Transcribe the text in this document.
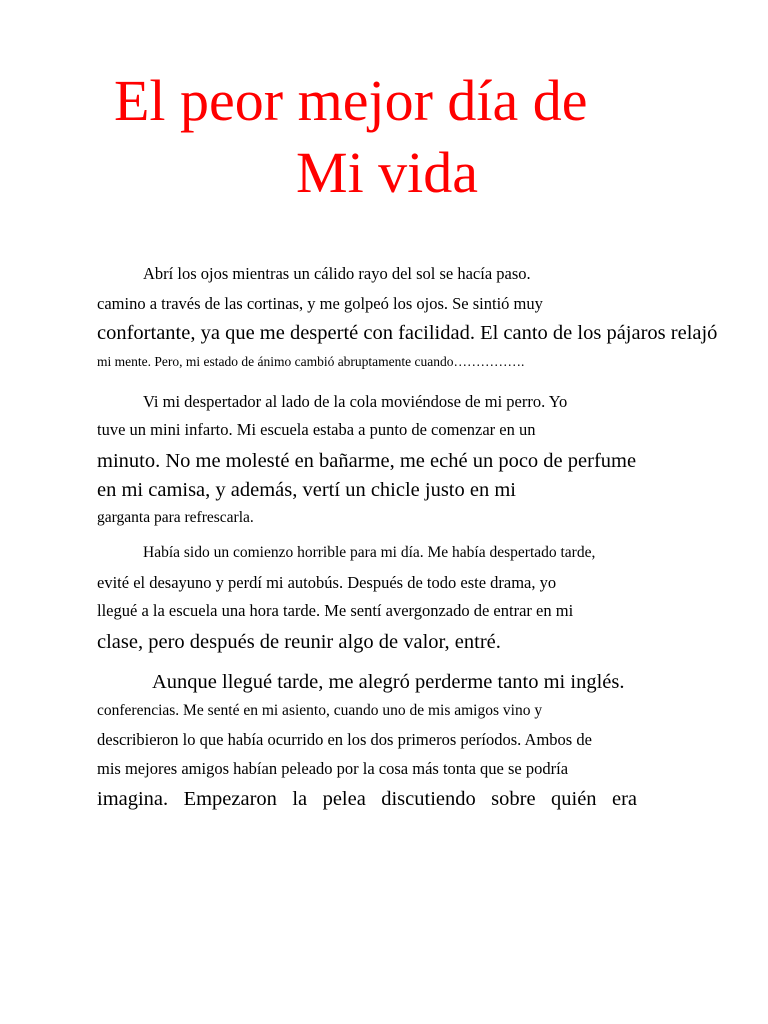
El peor mejor día de
Mi vida
Abrí los ojos mientras un cálido rayo del sol se hacía paso.
camino a través de las cortinas, y me golpeó los ojos. Se sintió muy
confortante, ya que me desperté con facilidad. El canto de los pájaros relajó
mi mente. Pero, mi estado de ánimo cambió abruptamente cuando…………….
Vi mi despertador al lado de la cola moviéndose de mi perro. Yo
tuve un mini infarto. Mi escuela estaba a punto de comenzar en un
minuto. No me molesté en bañarme, me eché un poco de perfume
en mi camisa, y además, vertí un chicle justo en mi
garganta para refrescarla.
Había sido un comienzo horrible para mi día. Me había despertado tarde,
evité el desayuno y perdí mi autobús. Después de todo este drama, yo
llegué a la escuela una hora tarde. Me sentí avergonzado de entrar en mi
clase, pero después de reunir algo de valor, entré.
Aunque llegué tarde, me alegró perderme tanto mi inglés.
conferencias. Me senté en mi asiento, cuando uno de mis amigos vino y
describieron lo que había ocurrido en los dos primeros períodos. Ambos de
mis mejores amigos habían peleado por la cosa más tonta que se podría
imagina. Empezaron la pelea discutiendo sobre quién era
